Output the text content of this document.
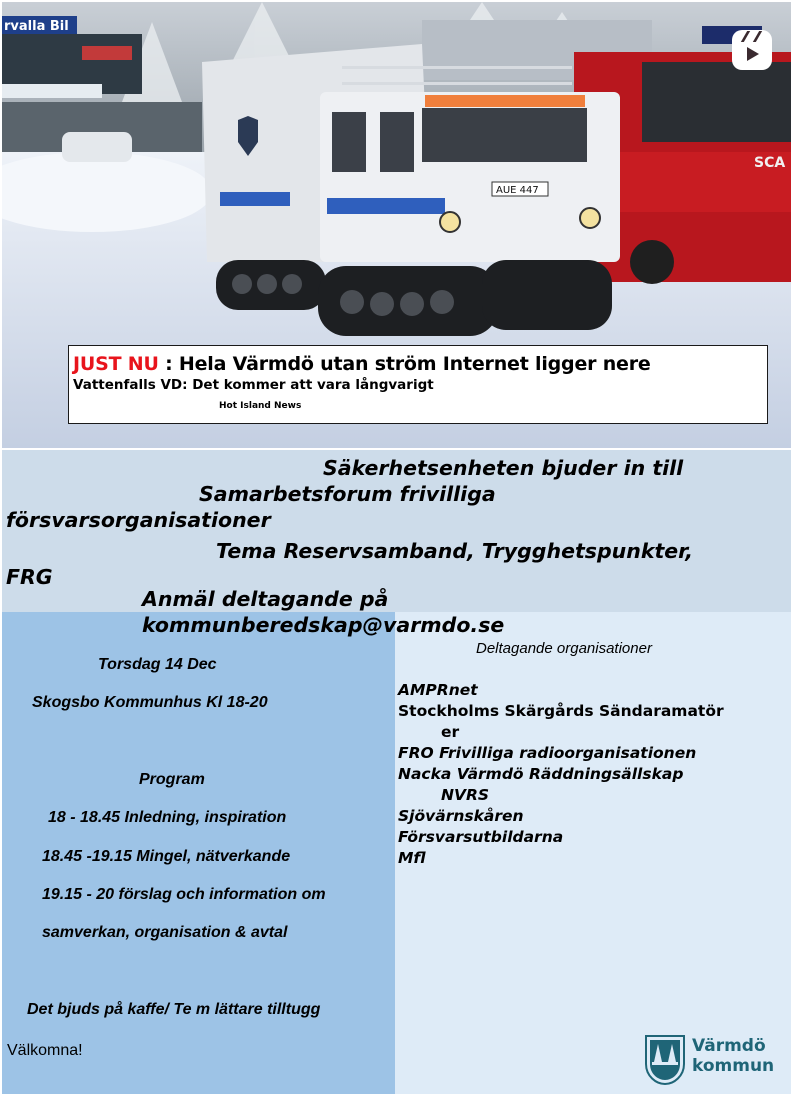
rvalla Bil
SCA
AUE 447
JUST NU : Hela Värmdö utan ström Internet ligger nere
Vattenfalls VD: Det kommer att vara långvarigt
Hot Island News
Säkerhetsenheten bjuder in till
Samarbetsforum frivilliga
försvarsorganisationer
Tema Reservsamband, Trygghetspunkter,
FRG
Anmäl deltagande på
kommunberedskap@varmdo.se
Torsdag 14 Dec
Skogsbo Kommunhus Kl 18-20
Program
18 - 18.45 Inledning, inspiration
18.45 -19.15 Mingel, nätverkande
19.15 - 20 förslag och information om
samverkan, organisation & avtal
Det bjuds på kaffe/ Te m lättare tilltugg
Välkomna!
Deltagande organisationer
AMPRnet
Stockholms Skärgårds Sändaramatör
er
FRO Frivilliga radioorganisationen
Nacka Värmdö Räddningsällskap
NVRS
Sjövärnskåren
Försvarsutbildarna
Mfl
Värmdö
kommun
